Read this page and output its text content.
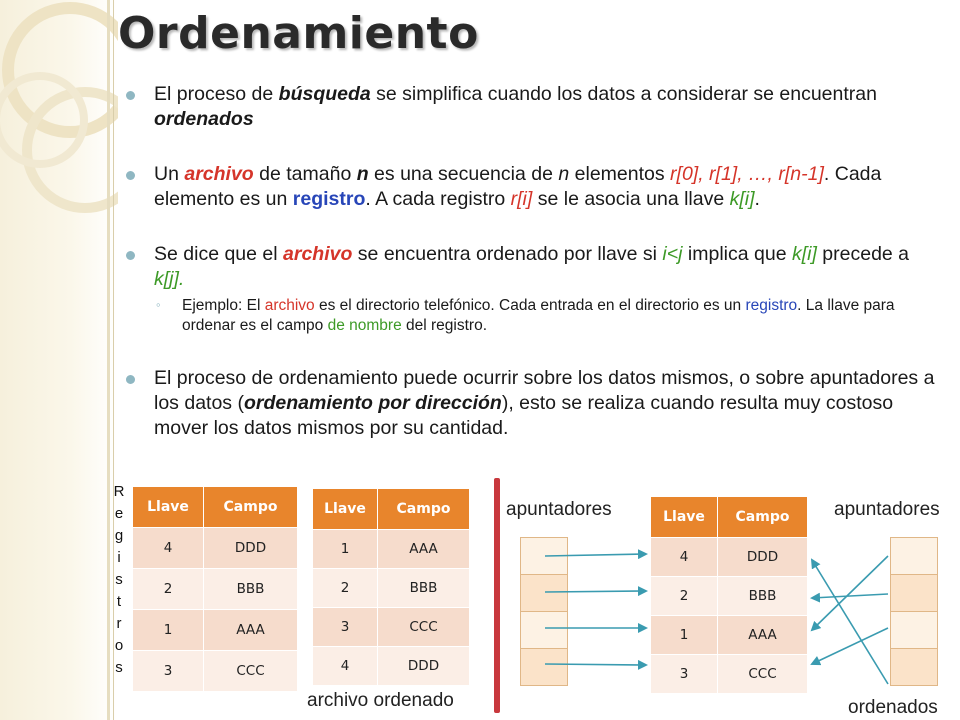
Ordenamiento
El proceso de búsqueda se simplifica cuando los datos a considerar se encuentran ordenados
Un archivo de tamaño n es una secuencia de n elementos r[0], r[1], …, r[n-1]. Cada elemento es un registro. A cada registro r[i] se le asocia una llave k[i].
Se dice que el archivo se encuentra ordenado por llave si i<j implica que k[i] precede a k[j].
◦ Ejemplo: El archivo es el directorio telefónico. Cada entrada en el directorio es un registro. La llave para ordenar es el campo de nombre del registro.
El proceso de ordenamiento puede ocurrir sobre los datos mismos, o sobre apuntadores a los datos (ordenamiento por dirección), esto se realiza cuando resulta muy costoso mover los datos mismos por su cantidad.
R
e
g
i
s
t
r
o
s
Llave	Campo
4	DDD
2	BBB
1	AAA
3	CCC
Llave	Campo
1	AAA
2	BBB
3	CCC
4	DDD
archivo ordenado
apuntadores	apuntadores
ordenados
Llave	Campo
4	DDD
2	BBB
1	AAA
3	CCC
